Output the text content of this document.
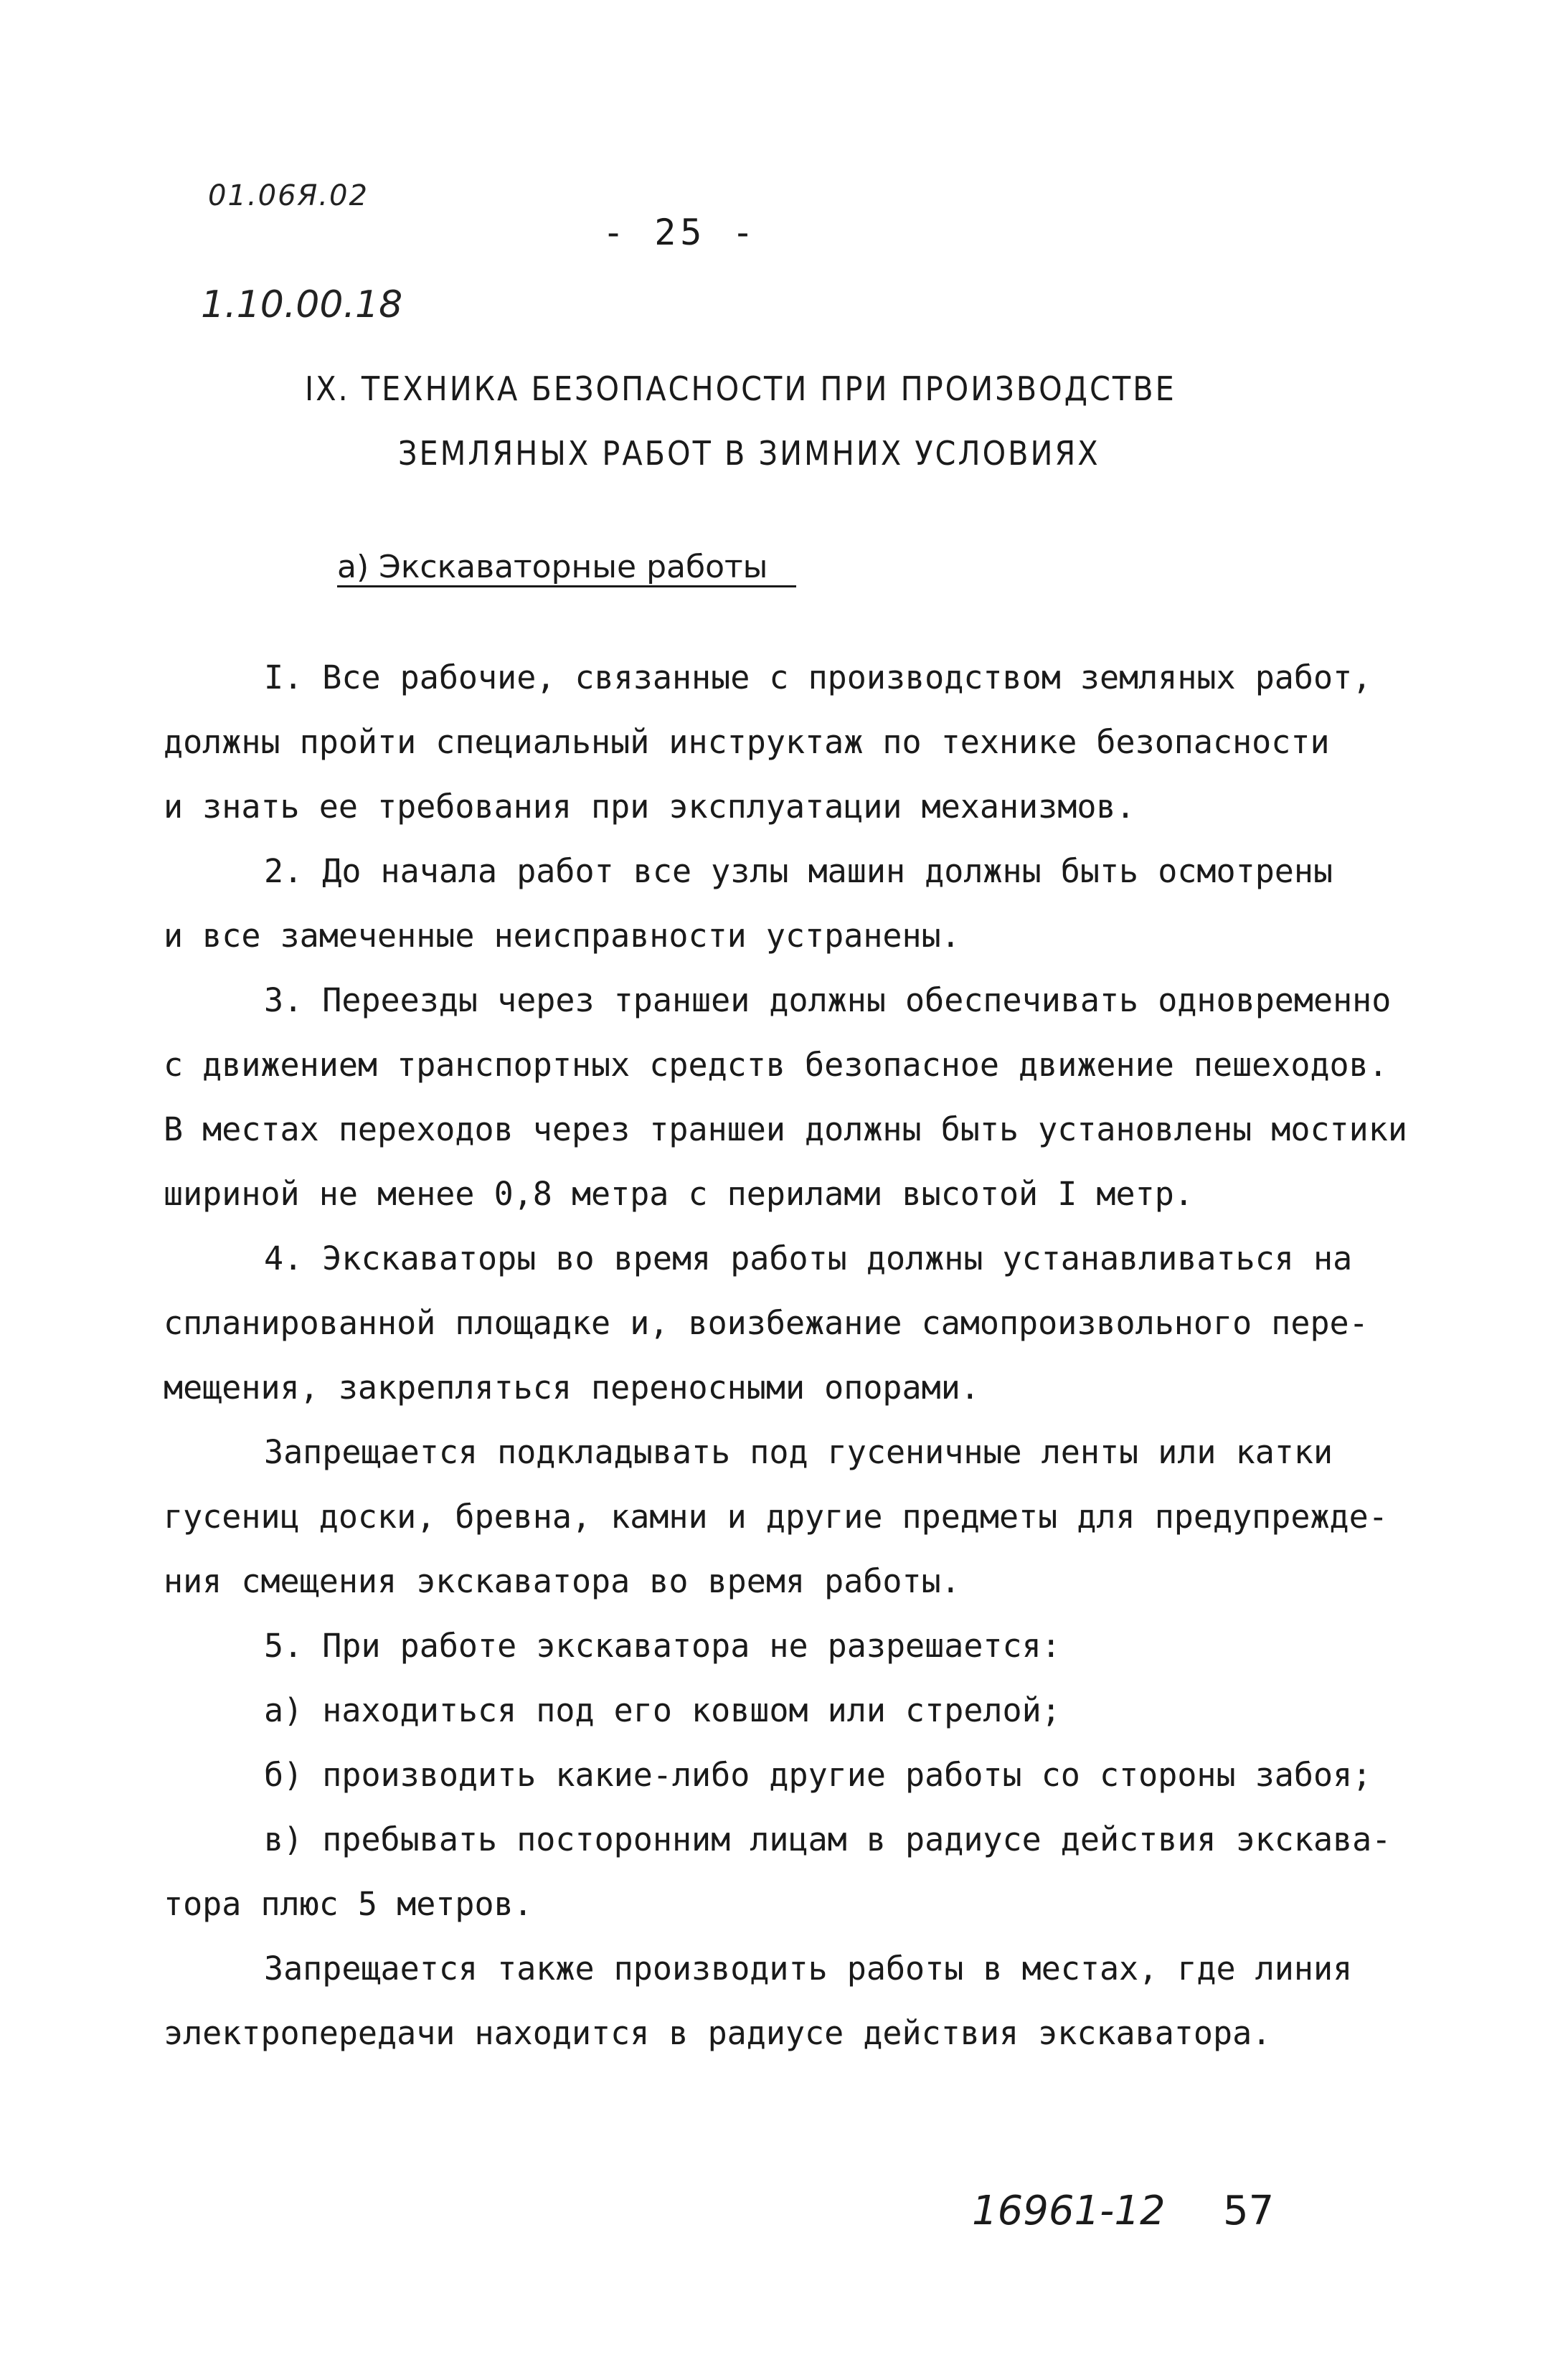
01.06Я.02
- 25 -
1.10.00.18
IX. ТЕХНИКА БЕЗОПАСНОСТИ ПРИ ПРОИЗВОДСТВЕ
ЗЕМЛЯНЫХ РАБОТ В ЗИМНИХ УСЛОВИЯХ
а) Экскаваторные работы
I. Все рабочие, связанные с производством земляных работ,
должны пройти специальный инструктаж по технике безопасности
и знать ее требования при эксплуатации механизмов.
2. До начала работ все узлы машин должны быть осмотрены
и все замеченные неисправности устранены.
3. Переезды через траншеи должны обеспечивать одновременно
с движением транспортных средств безопасное движение пешеходов.
В местах переходов через траншеи должны быть установлены мостики
шириной не менее 0,8 метра с перилами высотой I метр.
4. Экскаваторы во время работы должны устанавливаться на
спланированной площадке и, воизбежание самопроизвольного пере-
мещения, закрепляться переносными опорами.
Запрещается подкладывать под гусеничные ленты или катки
гусениц доски, бревна, камни и другие предметы для предупрежде-
ния смещения экскаватора во время работы.
5. При работе экскаватора не разрешается:
а) находиться под его ковшом или стрелой;
б) производить какие-либо другие работы со стороны забоя;
в) пребывать посторонним лицам в радиусе действия экскава-
тора плюс 5 метров.
Запрещается также производить работы в местах, где линия
электропередачи находится в радиусе действия экскаватора.
16961-12 57
